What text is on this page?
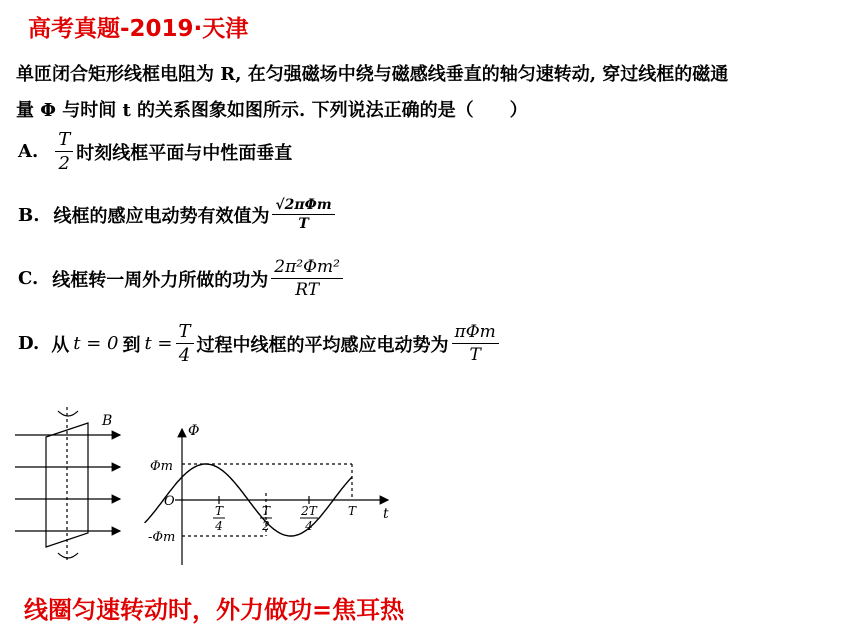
高考真题-2019·天津
单匝闭合矩形线框电阻为 R, 在匀强磁场中绕与磁感线垂直的轴匀速转动, 穿过线框的磁通
量 Φ 与时间 t 的关系图象如图所示. 下列说法正确的是（　　）
A. $\frac{T}{2}$ 时刻线框平面与中性面垂直
B. 线框的感应电动势有效值为 $\frac{\text{√2πΦm}}{T}$
C. 线框转一周外力所做的功为 $\frac{\text{2π²Φm²}}{RT}$
D. 从 t = 0 到 $t = \frac{T}{4}$ 过程中线框的平均感应电动势为 $\frac{\text{πΦm}}{T}$
B
Φ
Φm
-Φm
O
t
T
4
T
2
2T
4
T
线圈匀速转动时，外力做功=焦耳热
